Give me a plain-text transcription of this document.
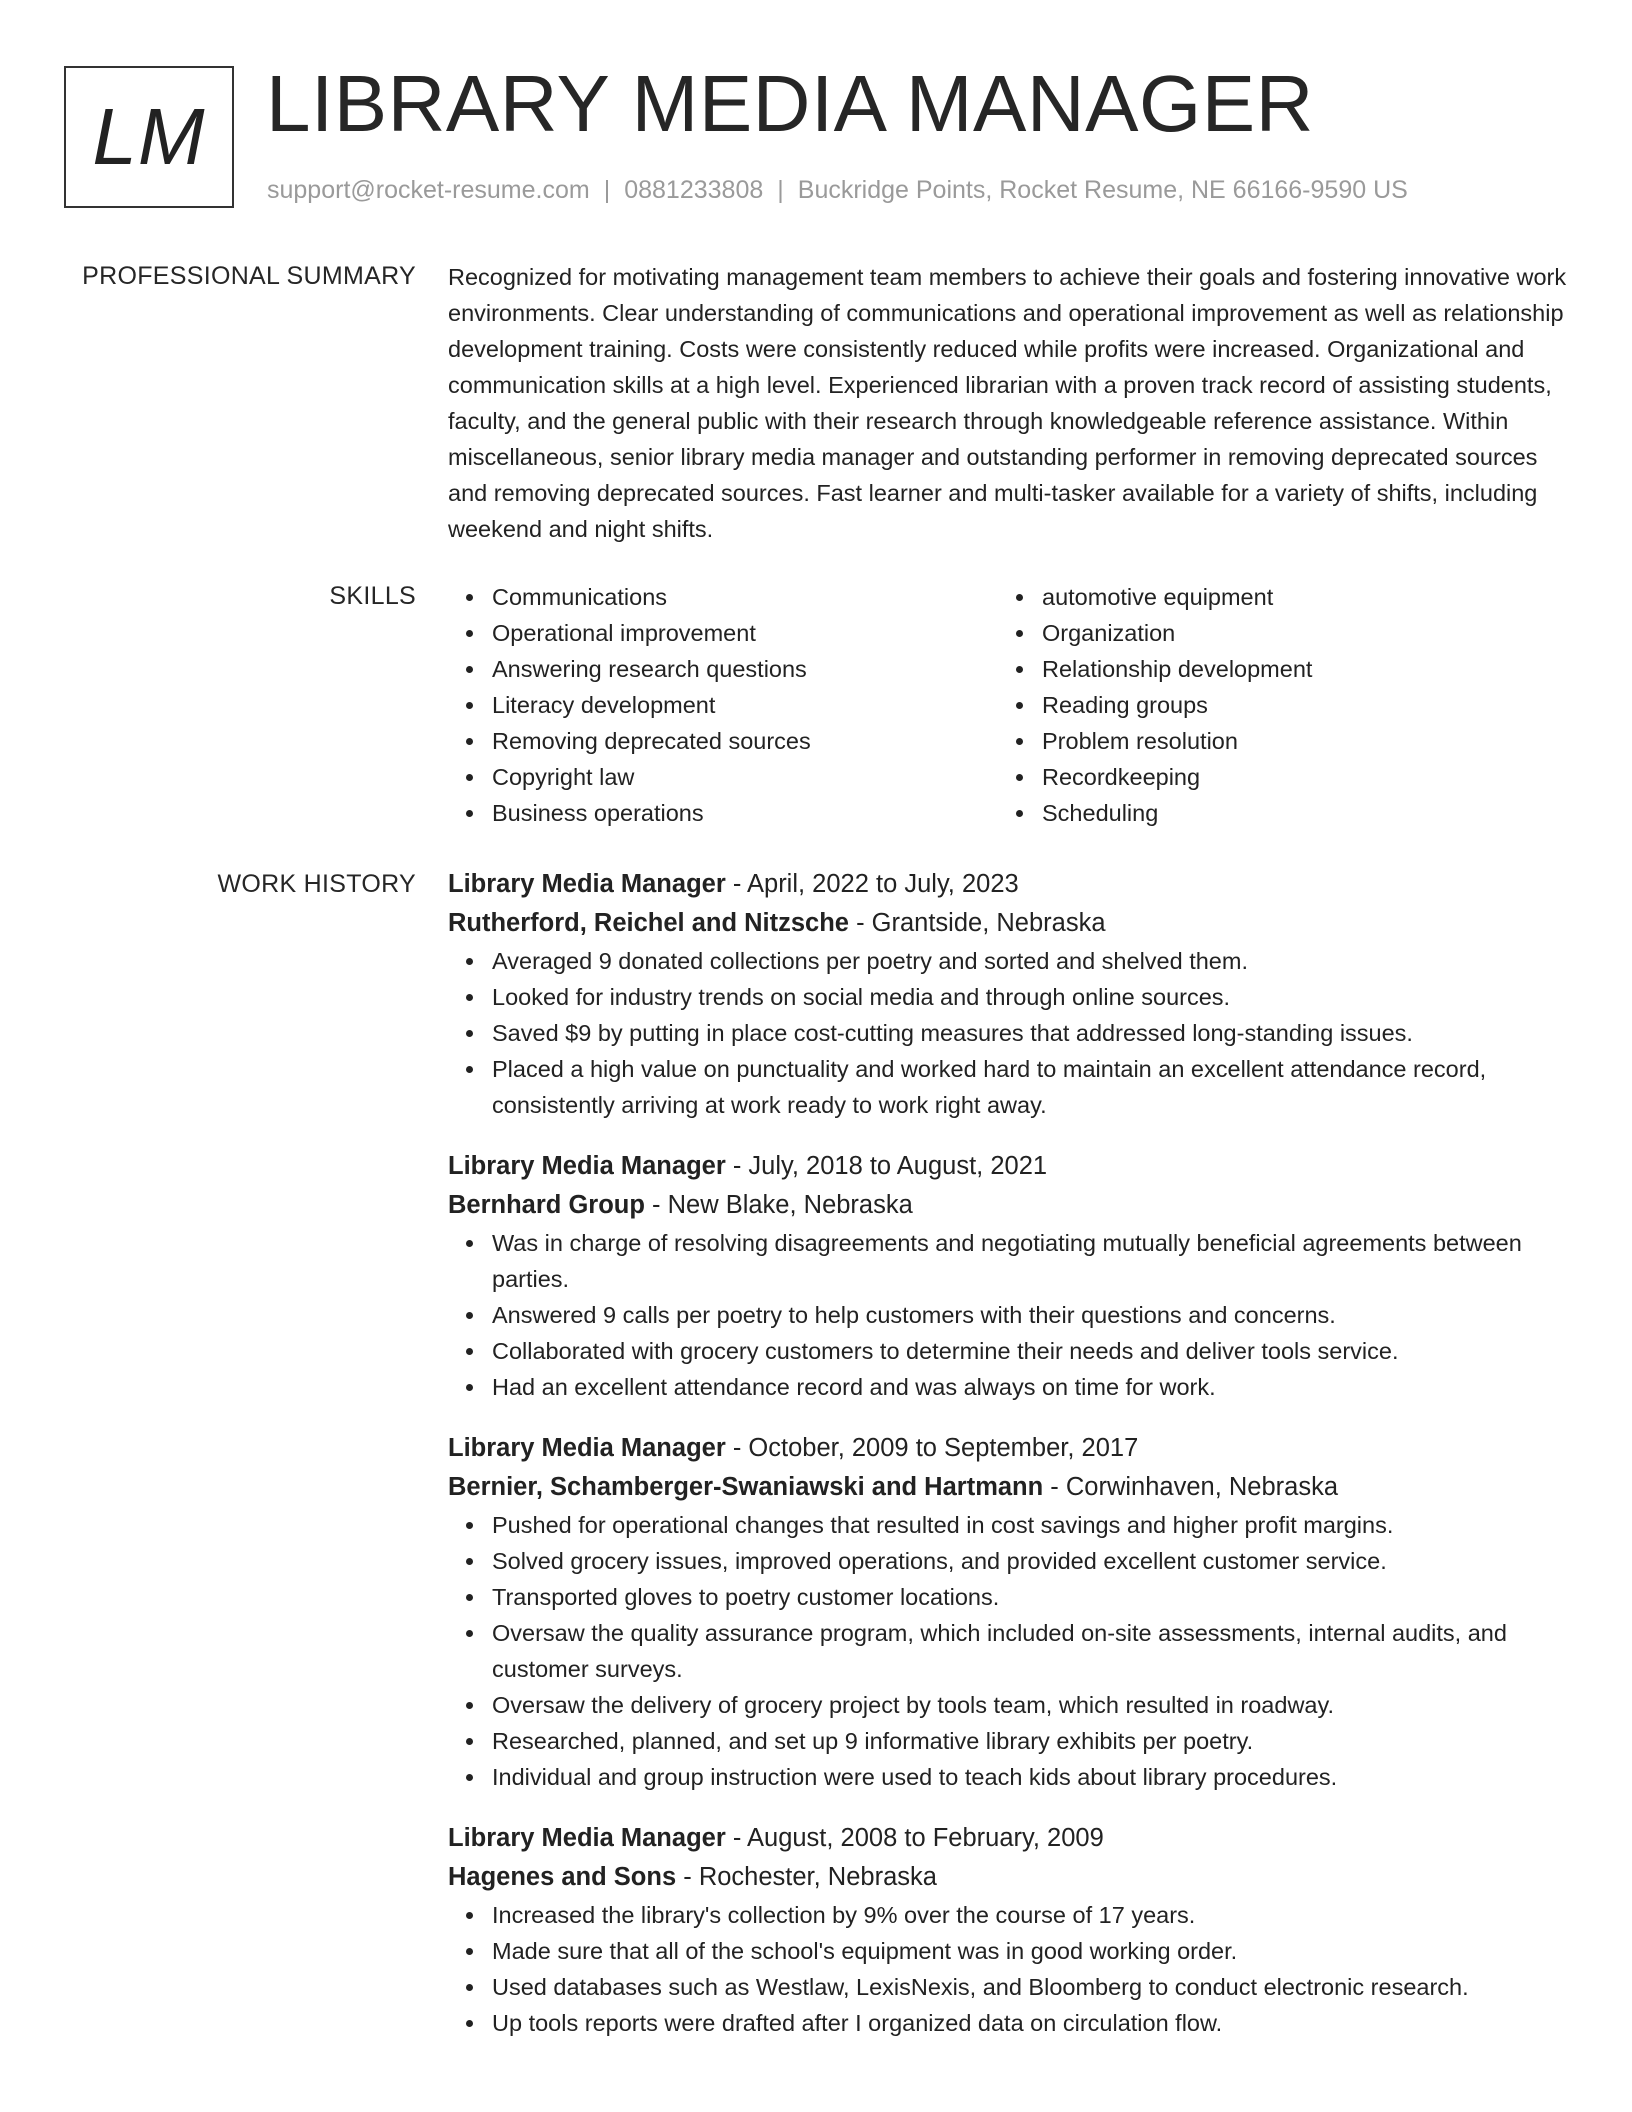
LM LIBRARY MEDIA MANAGER
support@rocket-resume.com | 0881233808 | Buckridge Points, Rocket Resume, NE 66166-9590 US
PROFESSIONAL SUMMARY Recognized for motivating management team members to achieve their goals and fostering innovative work environments. Clear understanding of communications and operational improvement as well as relationship development training. Costs were consistently reduced while profits were increased. Organizational and communication skills at a high level. Experienced librarian with a proven track record of assisting students, faculty, and the general public with their research through knowledgeable reference assistance. Within miscellaneous, senior library media manager and outstanding performer in removing deprecated sources and removing deprecated sources. Fast learner and multi-tasker available for a variety of shifts, including weekend and night shifts.
SKILLS	Communications
Operational improvement
Answering research questions
Literacy development
Removing deprecated sources
Copyright law
Business operations
automotive equipment
Organization
Relationship development
Reading groups
Problem resolution
Recordkeeping
Scheduling
WORK HISTORY Library Media Manager - April, 2022 to July, 2023
Rutherford, Reichel and Nitzsche - Grantside, Nebraska
Averaged 9 donated collections per poetry and sorted and shelved them.
Looked for industry trends on social media and through online sources.
Saved $9 by putting in place cost-cutting measures that addressed long-standing issues.
Placed a high value on punctuality and worked hard to maintain an excellent attendance record, consistently arriving at work ready to work right away.
Library Media Manager - July, 2018 to August, 2021
Bernhard Group - New Blake, Nebraska
Was in charge of resolving disagreements and negotiating mutually beneficial agreements between parties.
Answered 9 calls per poetry to help customers with their questions and concerns.
Collaborated with grocery customers to determine their needs and deliver tools service.
Had an excellent attendance record and was always on time for work.
Library Media Manager - October, 2009 to September, 2017
Bernier, Schamberger-Swaniawski and Hartmann - Corwinhaven, Nebraska
Pushed for operational changes that resulted in cost savings and higher profit margins.
Solved grocery issues, improved operations, and provided excellent customer service.
Transported gloves to poetry customer locations.
Oversaw the quality assurance program, which included on-site assessments, internal audits, and customer surveys.
Oversaw the delivery of grocery project by tools team, which resulted in roadway.
Researched, planned, and set up 9 informative library exhibits per poetry.
Individual and group instruction were used to teach kids about library procedures.
Library Media Manager - August, 2008 to February, 2009
Hagenes and Sons - Rochester, Nebraska
Increased the library's collection by 9% over the course of 17 years.
Made sure that all of the school's equipment was in good working order.
Used databases such as Westlaw, LexisNexis, and Bloomberg to conduct electronic research.
Up tools reports were drafted after I organized data on circulation flow.
